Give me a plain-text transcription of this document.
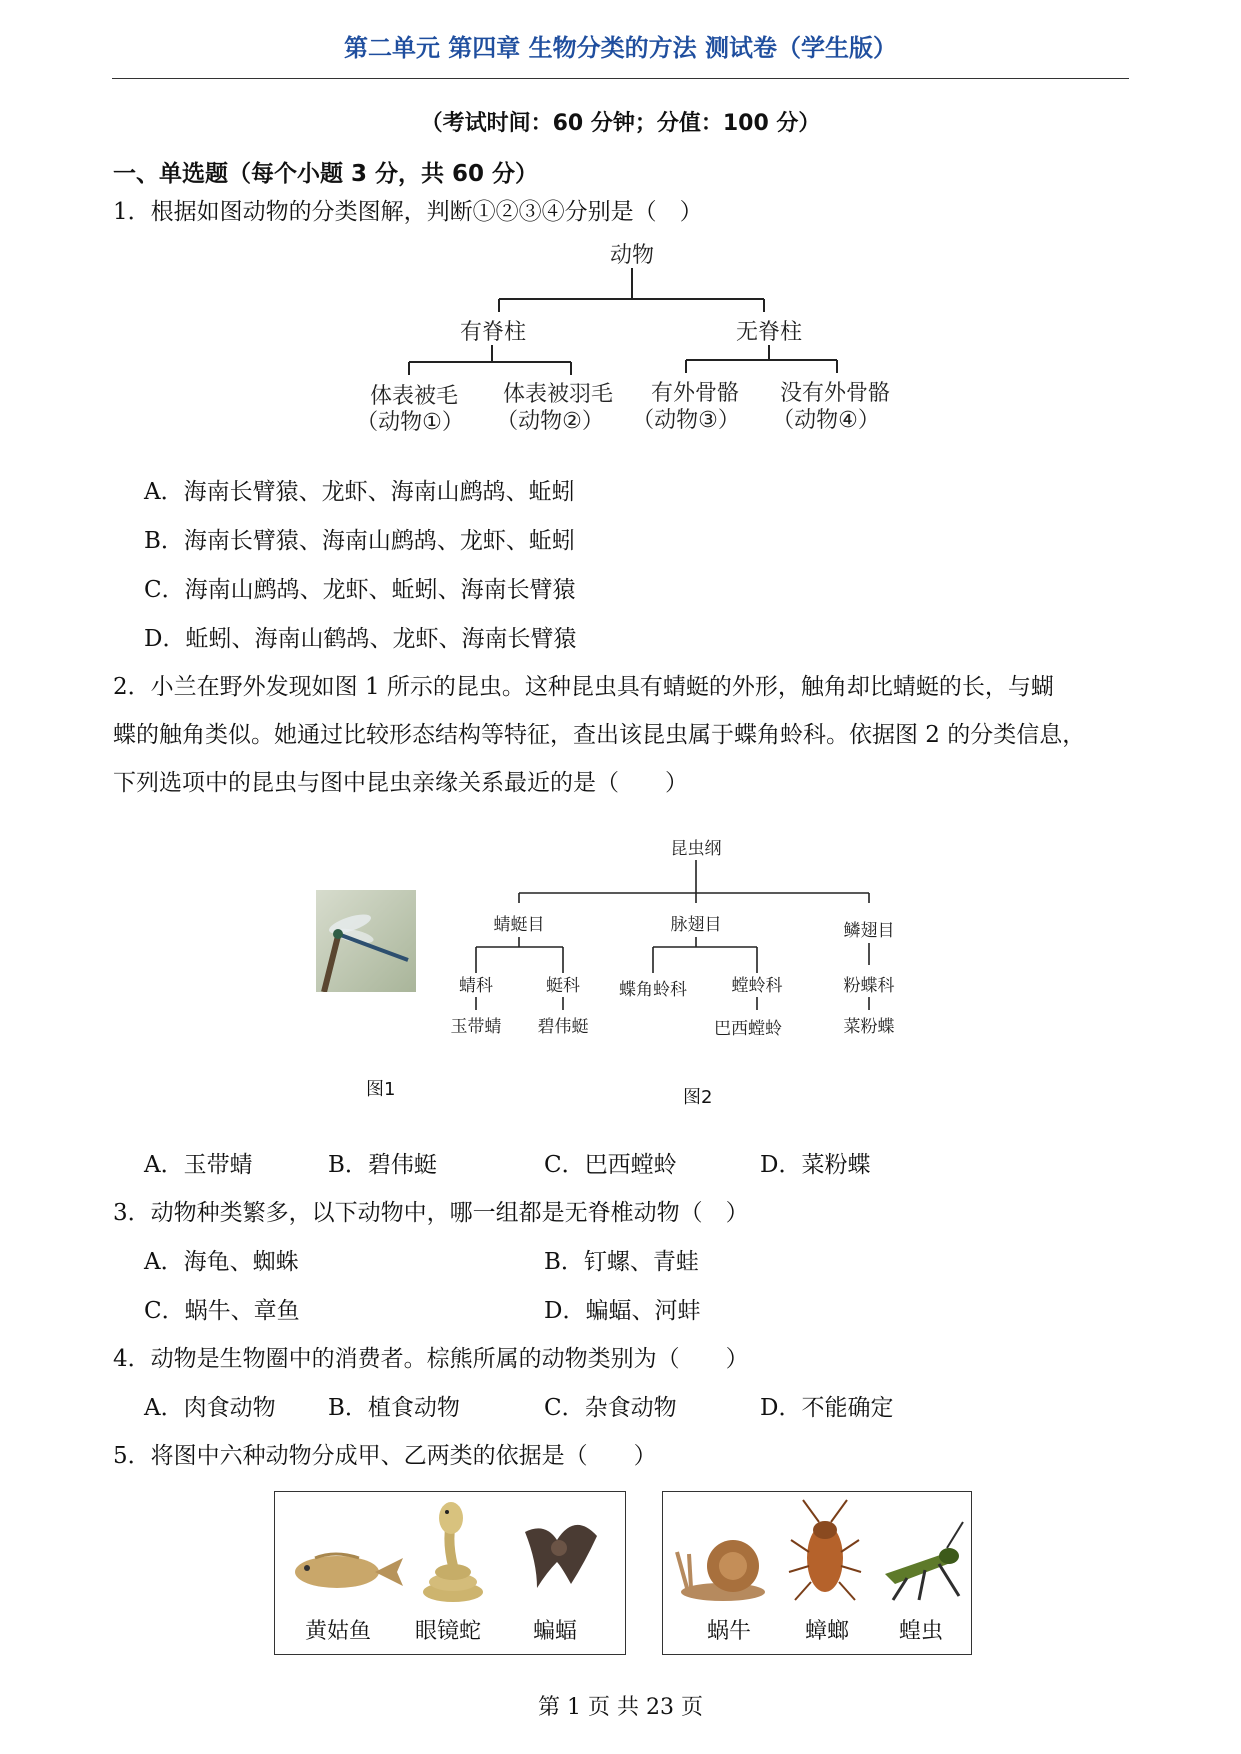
第二单元 第四章 生物分类的方法 测试卷（学生版）
（考试时间：60 分钟；分值：100 分）
一、单选题（每个小题 3 分，共 60 分）
1．根据如图动物的分类图解，判断①②③④分别是（　）
动物
有脊柱	无脊柱
体表被毛
（动物①）
体表被羽毛
（动物②）
有外骨骼
（动物③）
没有外骨骼
（动物④）
A．海南长臂猿、龙虾、海南山鹧鸪、蚯蚓
B．海南长臂猿、海南山鹧鸪、龙虾、蚯蚓
C．海南山鹧鸪、龙虾、蚯蚓、海南长臂猿
D．蚯蚓、海南山鹤鸪、龙虾、海南长臂猿
2．小兰在野外发现如图 1 所示的昆虫。这种昆虫具有蜻蜓的外形，触角却比蜻蜓的长，与蝴
蝶的触角类似。她通过比较形态结构等特征，查出该昆虫属于蝶角蛉科。依据图 2 的分类信息，
下列选项中的昆虫与图中昆虫亲缘关系最近的是（　　）
图1
昆虫纲
蜻蜓目	脉翅目	鳞翅目
蜻科	蜓科 蝶角蛉科	螳蛉科	粉蝶科
玉带蜻 碧伟蜓	巴西螳蛉	菜粉蝶
图2
A．玉带蜻	B．碧伟蜓	C．巴西螳蛉	D．菜粉蝶
3．动物种类繁多，以下动物中，哪一组都是无脊椎动物（　）
A．海龟、蜘蛛	B．钉螺、青蛙
C．蜗牛、章鱼	D．蝙蝠、河蚌
4．动物是生物圈中的消费者。棕熊所属的动物类别为（　　）
A．肉食动物 B．植食动物	C．杂食动物	D．不能确定
5．将图中六种动物分成甲、乙两类的依据是（　　）
黄姑鱼 眼镜蛇 蝙蝠	蜗牛 蟑螂 蝗虫
第 1 页 共 23 页
